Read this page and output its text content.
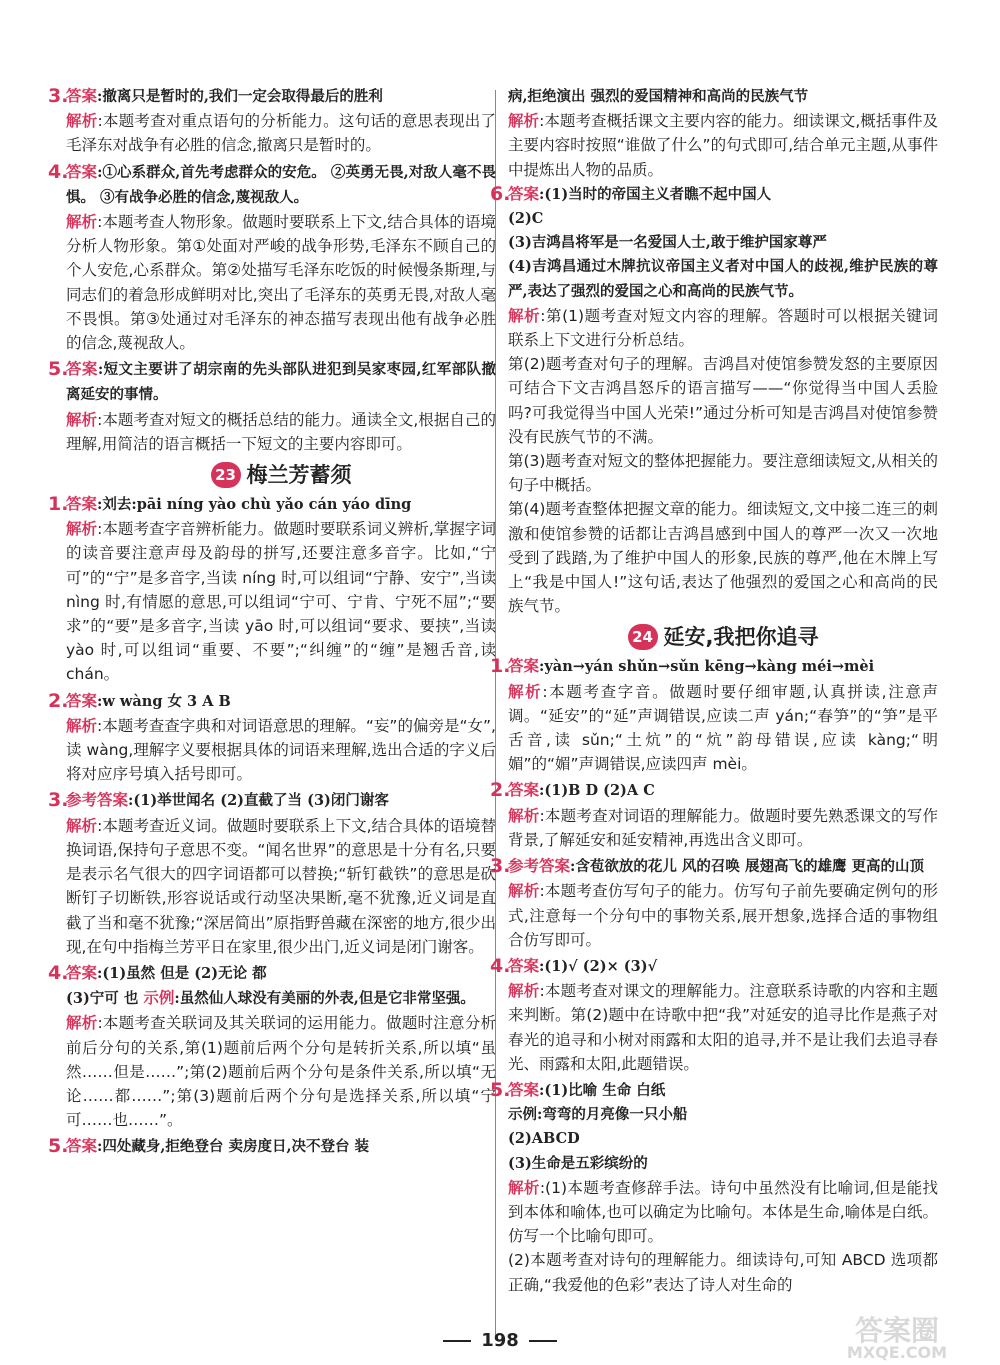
3.

答案:撤离只是暂时的,我们一定会取得最后的胜利

解析:本题考查对重点语句的分析能力。这句话的意思表现出了毛泽东对战争有必胜的信念,撤离只是暂时的。

4.

答案:①心系群众,首先考虑群众的安危。 ②英勇无畏,对敌人毫不畏惧。 ③有战争必胜的信念,蔑视敌人。

解析:本题考查人物形象。做题时要联系上下文,结合具体的语境分析人物形象。第①处面对严峻的战争形势,毛泽东不顾自己的个人安危,心系群众。第②处描写毛泽东吃饭的时候慢条斯理,与同志们的着急形成鲜明对比,突出了毛泽东的英勇无畏,对敌人毫不畏惧。第③处通过对毛泽东的神态描写表现出他有战争必胜的信念,蔑视敌人。

5.

答案:短文主要讲了胡宗南的先头部队进犯到吴家枣园,红军部队撤离延安的事情。

解析:本题考查对短文的概括总结的能力。通读全文,根据自己的理解,用简洁的语言概括一下短文的主要内容即可。

23 梅兰芳蓄须
1.

答案:刘去:pāi níng yào chù yǎo cán yáo dīng

解析:本题考查字音辨析能力。做题时要联系词义辨析,掌握字词的读音要注意声母及韵母的拼写,还要注意多音字。比如,“宁可”的“宁”是多音字,当读 níng 时,可以组词“宁静、安宁”,当读 nìng 时,有情愿的意思,可以组词“宁可、宁肯、宁死不屈”;“要求”的“要”是多音字,当读 yāo 时,可以组词“要求、要挟”,当读 yào 时,可以组词“重要、不要”;“纠缠”的“缠”是翘舌音,读 chán。

2.

答案:w wàng 女 3 A B

解析:本题考查查字典和对词语意思的理解。“妄”的偏旁是“女”,读 wàng,理解字义要根据具体的词语来理解,选出合适的字义后将对应序号填入括号即可。

3.

参考答案:(1)举世闻名 (2)直截了当 (3)闭门谢客

解析:本题考查近义词。做题时要联系上下文,结合具体的语境替换词语,保持句子意思不变。“闻名世界”的意思是十分有名,只要是表示名气很大的四字词语都可以替换;“斩钉截铁”的意思是砍断钉子切断铁,形容说话或行动坚决果断,毫不犹豫,近义词是直截了当和毫不犹豫;“深居简出”原指野兽藏在深密的地方,很少出现,在句中指梅兰芳平日在家里,很少出门,近义词是闭门谢客。

4.

答案:(1)虽然 但是 (2)无论 都

(3)宁可 也 示例:虽然仙人球没有美丽的外表,但是它非常坚强。

解析:本题考查关联词及其关联词的运用能力。做题时注意分析前后分句的关系,第(1)题前后两个分句是转折关系,所以填“虽然……但是……”;第(2)题前后两个分句是条件关系,所以填“无论……都……”;第(3)题前后两个分句是选择关系,所以填“宁可……也……”。

5.

答案:四处藏身,拒绝登台 卖房度日,决不登台 装

病,拒绝演出 强烈的爱国精神和高尚的民族气节

解析:本题考查概括课文主要内容的能力。细读课文,概括事件及主要内容时按照“谁做了什么”的句式即可,结合单元主题,从事件中提炼出人物的品质。

6.

答案:(1)当时的帝国主义者瞧不起中国人

(2)C

(3)吉鸿昌将军是一名爱国人士,敢于维护国家尊严

(4)吉鸿昌通过木牌抗议帝国主义者对中国人的歧视,维护民族的尊严,表达了强烈的爱国之心和高尚的民族气节。

解析:第(1)题考查对短文内容的理解。答题时可以根据关键词联系上下文进行分析总结。

第(2)题考查对句子的理解。吉鸿昌对使馆参赞发怒的主要原因可结合下文吉鸿昌怒斥的语言描写——“你觉得当中国人丢脸吗?可我觉得当中国人光荣!”通过分析可知是吉鸿昌对使馆参赞没有民族气节的不满。

第(3)题考查对短文的整体把握能力。要注意细读短文,从相关的句子中概括。

第(4)题考查整体把握文章的能力。细读短文,文中接二连三的刺激和使馆参赞的话都让吉鸿昌感到中国人的尊严一次又一次地受到了践踏,为了维护中国人的形象,民族的尊严,他在木牌上写上“我是中国人!”这句话,表达了他强烈的爱国之心和高尚的民族气节。

24 延安,我把你追寻
1.

答案:yàn→yán shǔn→sǔn kēng→kàng méi→mèi

解析:本题考查字音。做题时要仔细审题,认真拼读,注意声调。“延安”的“延”声调错误,应读二声 yán;“春笋”的“笋”是平舌音,读 sǔn;“土炕”的“炕”韵母错误,应读 kàng;“明媚”的“媚”声调错误,应读四声 mèi。

2.

答案:(1)B D (2)A C

解析:本题考查对词语的理解能力。做题时要先熟悉课文的写作背景,了解延安和延安精神,再选出含义即可。

3.

参考答案:含苞欲放的花儿 风的召唤 展翅高飞的雄鹰 更高的山顶

解析:本题考查仿写句子的能力。仿写句子前先要确定例句的形式,注意每一个分句中的事物关系,展开想象,选择合适的事物组合仿写即可。

4.

答案:(1)√ (2)× (3)√

解析:本题考查对课文的理解能力。注意联系诗歌的内容和主题来判断。第(2)题中在诗歌中把“我”对延安的追寻比作是燕子对春光的追寻和小树对雨露和太阳的追寻,并不是让我们去追寻春光、雨露和太阳,此题错误。

5.

答案:(1)比喻 生命 白纸

示例:弯弯的月亮像一只小船

(2)ABCD

(3)生命是五彩缤纷的

解析:(1)本题考查修辞手法。诗句中虽然没有比喻词,但是能找到本体和喻体,也可以确定为比喻句。本体是生命,喻体是白纸。仿写一个比喻句即可。

(2)本题考查对诗句的理解能力。细读诗句,可知 ABCD 选项都正确,“我爱他的色彩”表达了诗人对生命的

198	答案圈
MXQE.COM
